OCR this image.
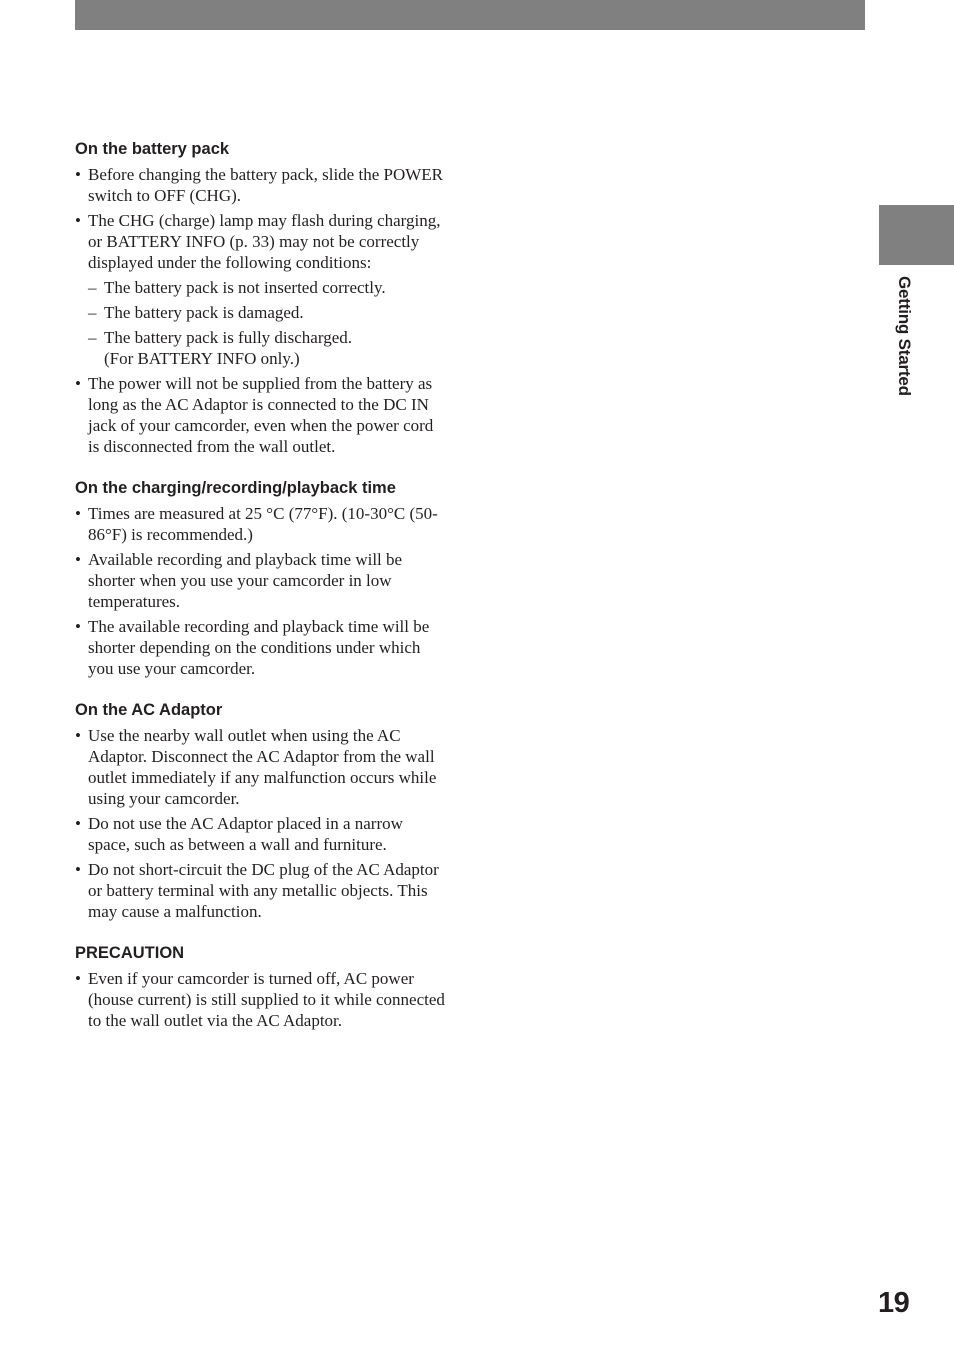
Getting Started
On the battery pack
• Before changing the battery pack, slide the POWER switch to OFF (CHG).
• The CHG (charge) lamp may flash during charging, or BATTERY INFO (p. 33) may not be correctly displayed under the following conditions:
– The battery pack is not inserted correctly.
– The battery pack is damaged.
– The battery pack is fully discharged.
(For BATTERY INFO only.)
• The power will not be supplied from the battery as long as the AC Adaptor is connected to the DC IN jack of your camcorder, even when the power cord is disconnected from the wall outlet.
On the charging/recording/playback time
• Times are measured at 25 °C (77°F). (10-30°C (50-86°F) is recommended.)
• Available recording and playback time will be shorter when you use your camcorder in low temperatures.
• The available recording and playback time will be shorter depending on the conditions under which you use your camcorder.
On the AC Adaptor
• Use the nearby wall outlet when using the AC Adaptor. Disconnect the AC Adaptor from the wall outlet immediately if any malfunction occurs while using your camcorder.
• Do not use the AC Adaptor placed in a narrow space, such as between a wall and furniture.
• Do not short-circuit the DC plug of the AC Adaptor or battery terminal with any metallic objects. This may cause a malfunction.
PRECAUTION
• Even if your camcorder is turned off, AC power (house current) is still supplied to it while connected to the wall outlet via the AC Adaptor.
19
